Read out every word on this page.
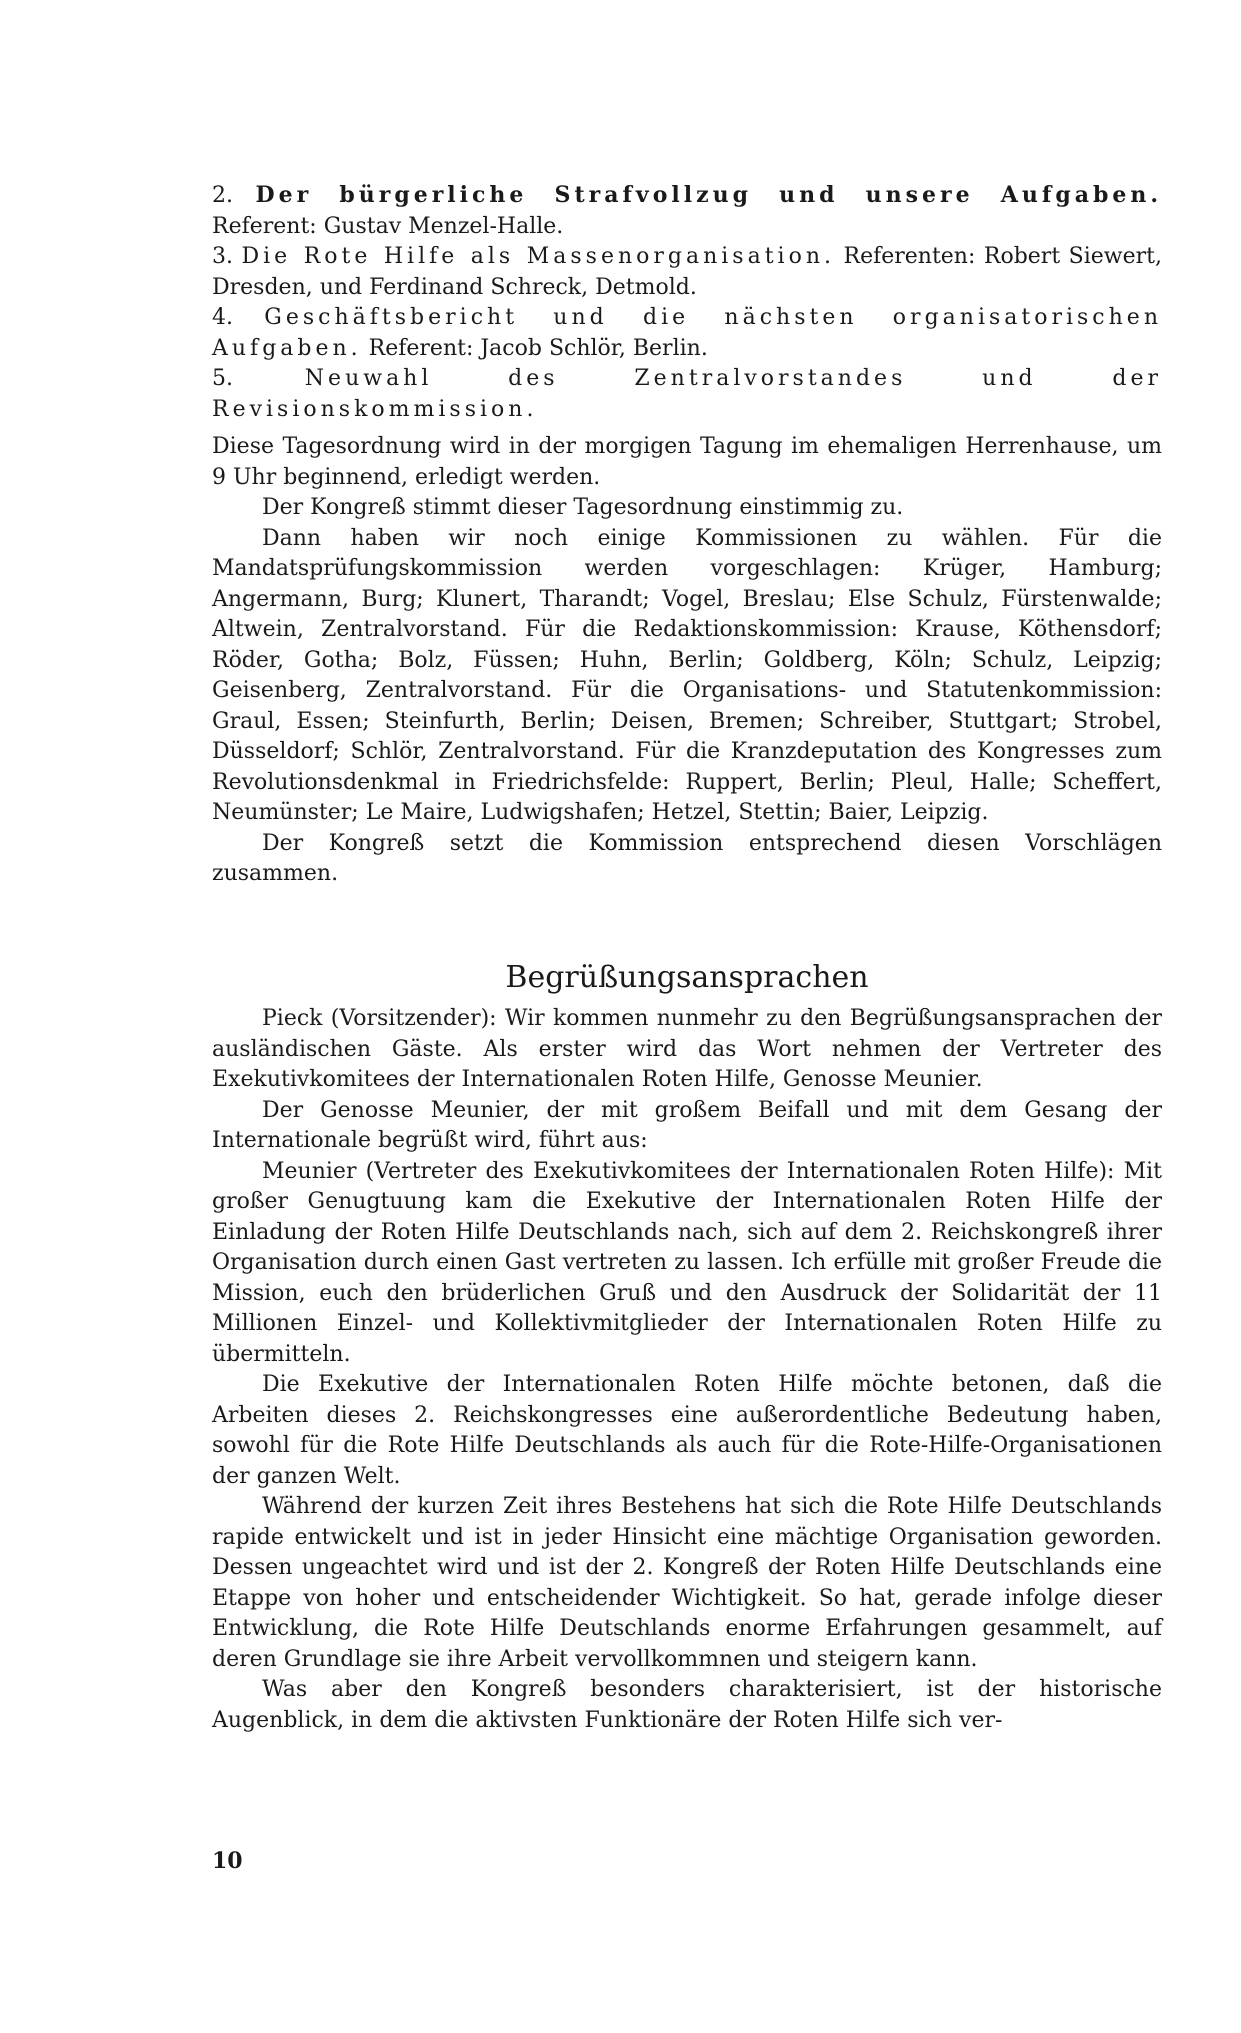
2. Der bürgerliche Strafvollzug und unsere Aufgaben. Referent: Gustav Menzel-Halle.
3. Die Rote Hilfe als Massenorganisation. Referenten: Robert Siewert, Dresden, und Ferdinand Schreck, Detmold.
4. Geschäftsbericht und die nächsten organisatorischen Aufgaben. Referent: Jacob Schlör, Berlin.
5.	Neuwahl des Zentralvorstandes und der Revisionskommission.

Diese Tagesordnung wird in der morgigen Tagung im ehemaligen Herrenhause, um 9 Uhr beginnend, erledigt werden.

Der Kongreß stimmt dieser Tagesordnung einstimmig zu.

Dann haben wir noch einige Kommissionen zu wählen. Für die Mandatsprüfungskommission werden vorgeschlagen: Krüger, Hamburg; Angermann, Burg; Klunert, Tharandt; Vogel, Breslau; Else Schulz, Fürstenwalde; Altwein, Zentralvorstand. Für die Redaktionskommission: Krause, Köthensdorf; Röder, Gotha; Bolz, Füssen; Huhn, Berlin; Goldberg, Köln; Schulz, Leipzig; Geisenberg, Zentralvorstand. Für die Organisations- und Statutenkommission: Graul, Essen; Steinfurth, Berlin; Deisen, Bremen; Schreiber, Stuttgart; Strobel, Düsseldorf; Schlör, Zentralvorstand. Für die Kranzdeputation des Kongresses zum Revolutionsdenkmal in Friedrichsfelde: Ruppert, Berlin; Pleul, Halle; Scheffert, Neumünster; Le Maire, Ludwigshafen; Hetzel, Stettin; Baier, Leipzig.

Der Kongreß setzt die Kommission entsprechend diesen Vorschlägen zusammen.

Begrüßungsansprachen

Pieck (Vorsitzender): Wir kommen nunmehr zu den Begrüßungsansprachen der ausländischen Gäste. Als erster wird das Wort nehmen der Vertreter des Exekutivkomitees der Internationalen Roten Hilfe, Genosse Meunier.

Der Genosse Meunier, der mit großem Beifall und mit dem Gesang der Internationale begrüßt wird, führt aus:

Meunier (Vertreter des Exekutivkomitees der Internationalen Roten Hilfe): Mit großer Genugtuung kam die Exekutive der Internationalen Roten Hilfe der Einladung der Roten Hilfe Deutschlands nach, sich auf dem 2. Reichskongreß ihrer Organisation durch einen Gast vertreten zu lassen. Ich erfülle mit großer Freude die Mission, euch den brüderlichen Gruß und den Ausdruck der Solidarität der 11 Millionen Einzel- und Kollektivmitglieder der Internationalen Roten Hilfe zu übermitteln.

Die Exekutive der Internationalen Roten Hilfe möchte betonen, daß die Arbeiten dieses 2. Reichskongresses eine außerordentliche Bedeutung haben, sowohl für die Rote Hilfe Deutschlands als auch für die Rote-Hilfe-Organisationen der ganzen Welt.

Während der kurzen Zeit ihres Bestehens hat sich die Rote Hilfe Deutschlands rapide entwickelt und ist in jeder Hinsicht eine mächtige Organisation geworden. Dessen ungeachtet wird und ist der 2. Kongreß der Roten Hilfe Deutschlands eine Etappe von hoher und entscheidender Wichtigkeit. So hat, gerade infolge dieser Entwicklung, die Rote Hilfe Deutschlands enorme Erfahrungen gesammelt, auf deren Grundlage sie ihre Arbeit vervollkommnen und steigern kann.

Was aber den Kongreß besonders charakterisiert, ist der historische Augenblick, in dem die aktivsten Funktionäre der Roten Hilfe sich ver-

10
